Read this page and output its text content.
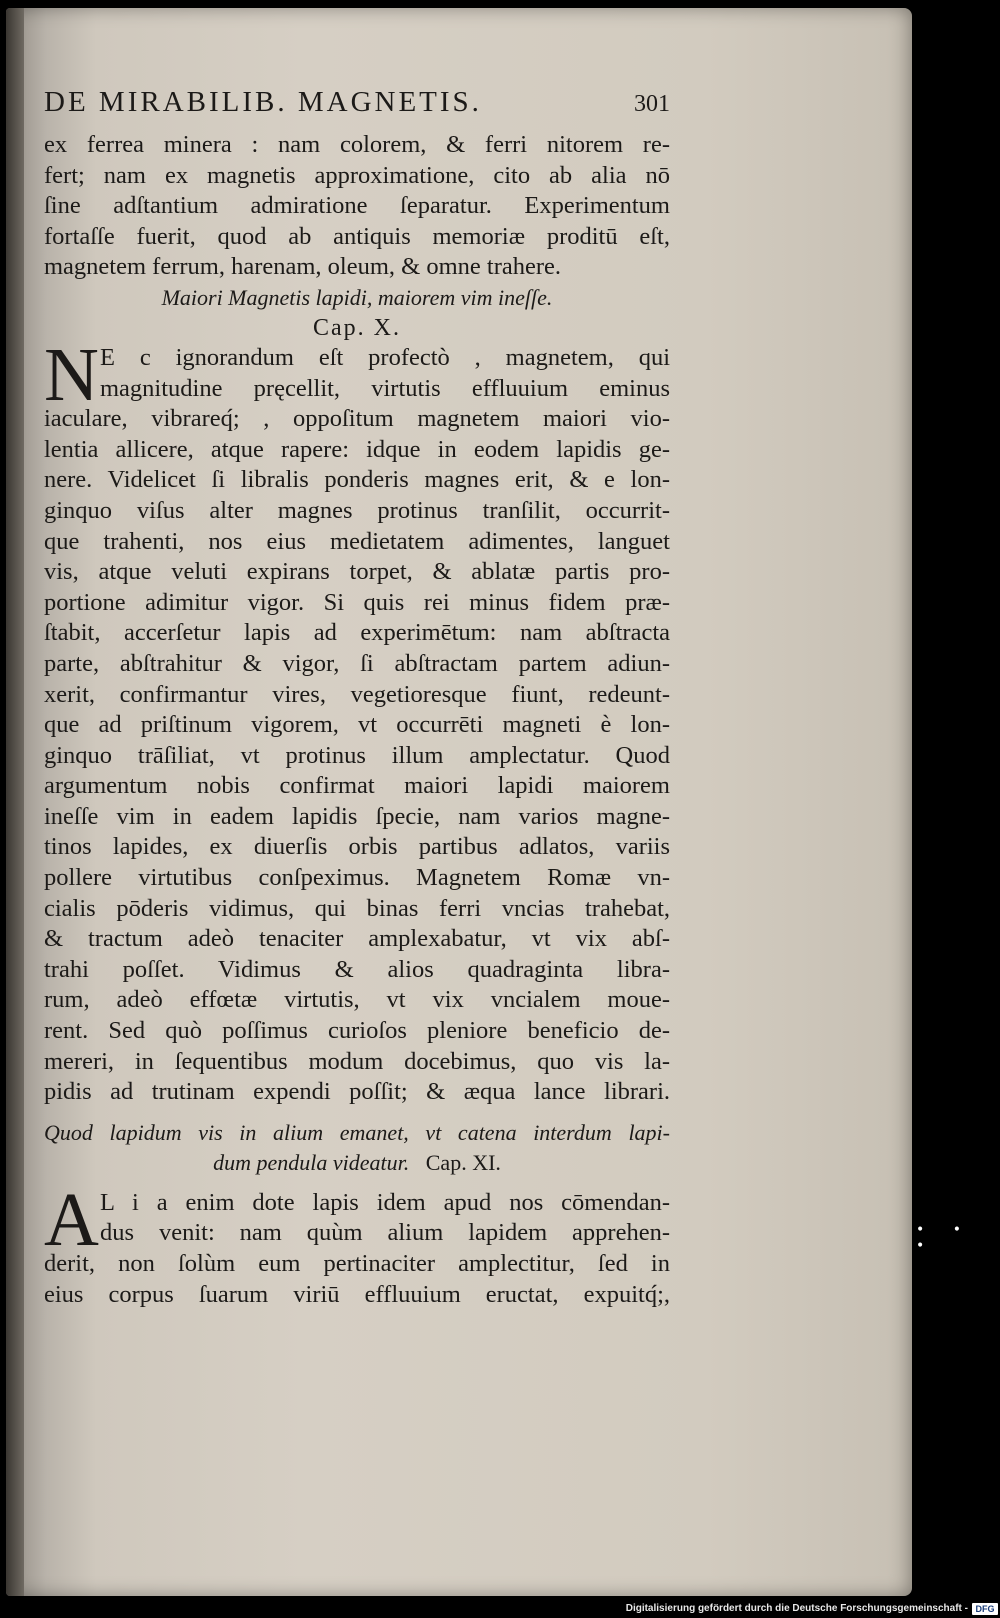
DE MIRABILIB. MAGNETIS.	301
ex ferrea minera : nam colorem, & ferri nitorem re-
fert; nam ex magnetis approximatione, cito ab alia nō
ſine adſtantium admiratione ſeparatur. Experimentum
fortaſſe fuerit, quod ab antiquis memoriæ proditū eſt,
magnetem ferrum, harenam, oleum, & omne trahere.
Maiori Magnetis lapidi, maiorem vim ineſſe.
Cap. X.
N E c ignorandum eſt profectò , magnetem, qui
magnitudine pręcellit, virtutis effluuium eminus
iaculare, vibrareq́; , oppoſitum magnetem maiori vio-
lentia allicere, atque rapere: idque in eodem lapidis ge-
nere. Videlicet ſi libralis ponderis magnes erit, & e lon-
ginquo viſus alter magnes protinus tranſilit, occurrit-
que trahenti, nos eius medietatem adimentes, languet
vis, atque veluti expirans torpet, & ablatæ partis pro-
portione adimitur vigor. Si quis rei minus fidem præ-
ſtabit, accerſetur lapis ad experimētum: nam abſtracta
parte, abſtrahitur & vigor, ſi abſtractam partem adiun-
xerit, confirmantur vires, vegetioresque fiunt, redeunt-
que ad priſtinum vigorem, vt occurrēti magneti è lon-
ginquo trāſiliat, vt protinus illum amplectatur. Quod
argumentum nobis confirmat maiori lapidi maiorem
ineſſe vim in eadem lapidis ſpecie, nam varios magne-
tinos lapides, ex diuerſis orbis partibus adlatos, variis
pollere virtutibus conſpeximus. Magnetem Romæ vn-
cialis pōderis vidimus, qui binas ferri vncias trahebat,
& tractum adeò tenaciter amplexabatur, vt vix abſ-
trahi poſſet. Vidimus & alios quadraginta libra-
rum, adeò effœtæ virtutis, vt vix vncialem moue-
rent. Sed quò poſſimus curioſos pleniore beneficio de-
mereri, in ſequentibus modum docebimus, quo vis la-
pidis ad trutinam expendi poſſit; & æqua lance librari.
Quod lapidum vis in alium emanet, vt catena interdum lapi-
dum pendula videatur. Cap. XI.
A L i a enim dote lapis idem apud nos cōmendan-
dus venit: nam quùm alium lapidem apprehen-
derit, non ſolùm eum pertinaciter amplectitur, ſed in
eius corpus ſuarum viriū effluuium eructat, expuitq́;,
• • •
Digitalisierung gefördert durch die Deutsche Forschungsgemeinschaft - DFG
